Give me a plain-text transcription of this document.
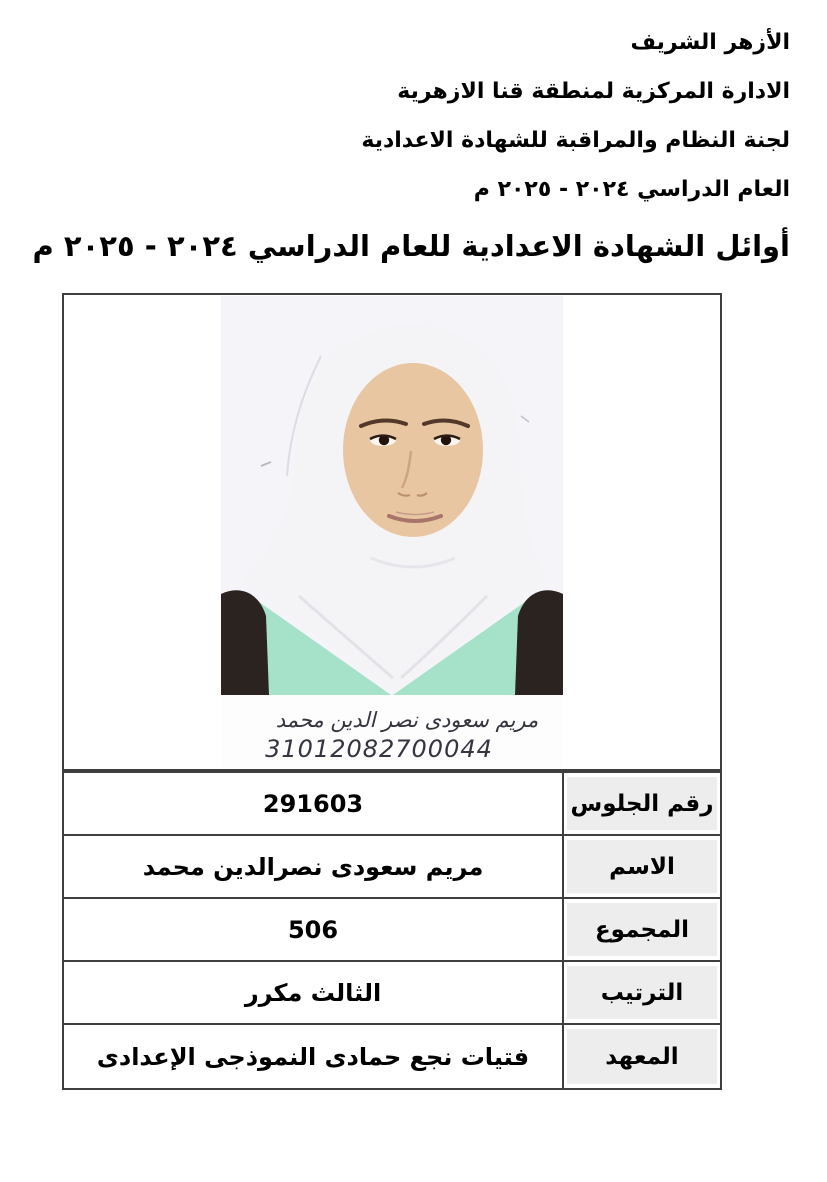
الأزهر الشريف
الادارة المركزية لمنطقة قنا الازهرية
لجنة النظام والمراقبة للشهادة الاعدادية
العام الدراسي ٢٠٢٤ - ٢٠٢٥ م
أوائل الشهادة الاعدادية للعام الدراسي ٢٠٢٤ - ٢٠٢٥ م
مريم سعودى نصر الدين محمد
31012082700044
رقم الجلوس
291603
الاسم
مريم سعودى نصرالدين محمد
المجموع
506
الترتيب
الثالث مكرر
المعهد
فتيات نجع حمادى النموذجى الإعدادى
